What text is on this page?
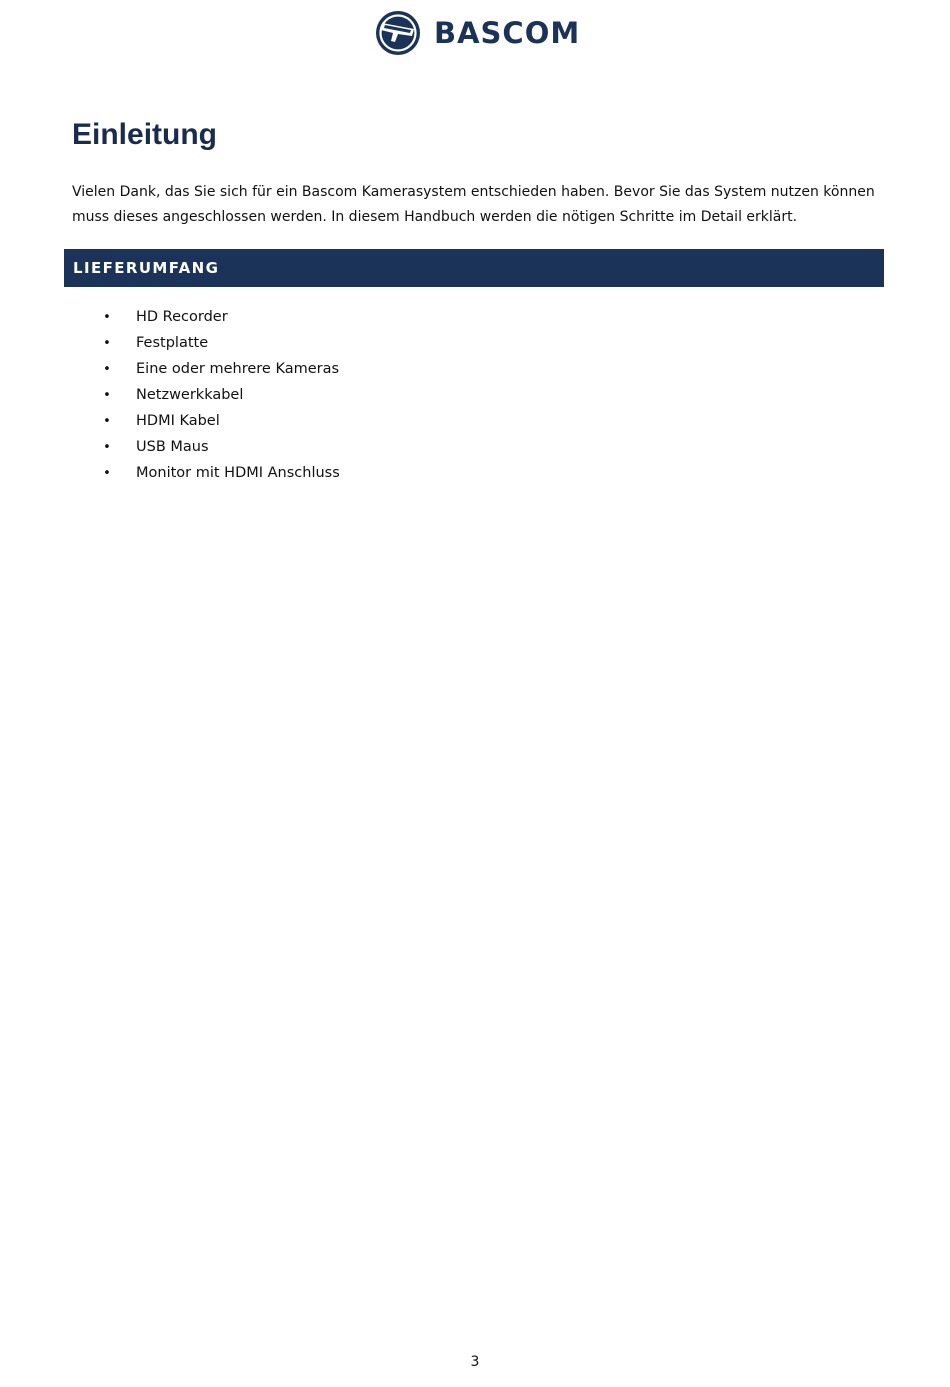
BASCOM
Einleitung

Vielen Dank, das Sie sich für ein Bascom Kamerasystem entschieden haben. Bevor Sie das System nutzen können muss dieses angeschlossen werden. In diesem Handbuch werden die nötigen Schritte im Detail erklärt.

LIEFERUMFANG
• HD Recorder
• Festplatte
• Eine oder mehrere Kameras
• Netzwerkkabel
• HDMI Kabel
• USB Maus
• Monitor mit HDMI Anschluss
3
